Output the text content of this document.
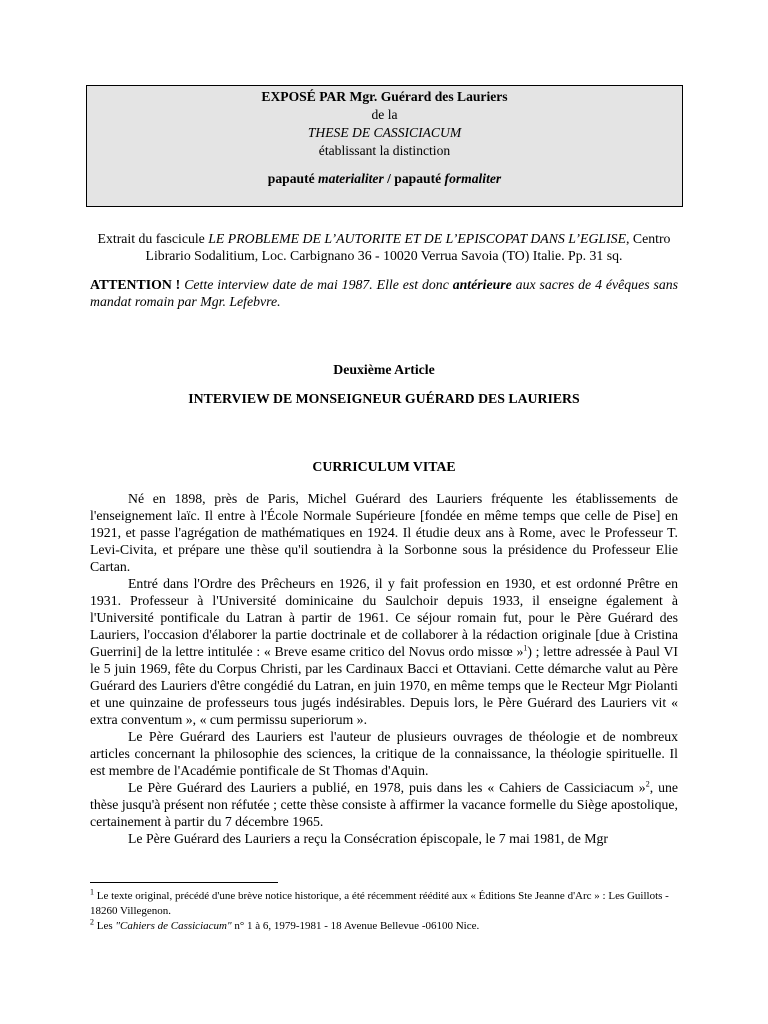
EXPOSÉ PAR Mgr. Guérard des Lauriers
de la
THESE DE CASSICIACUM
établissant la distinction
papauté materialiter / papauté formaliter

Extrait du fascicule LE PROBLEME DE L’AUTORITE ET DE L’EPISCOPAT DANS L’EGLISE, Centro Librario Sodalitium, Loc. Carbignano 36 - 10020 Verrua Savoia (TO) Italie. Pp. 31 sq.

ATTENTION ! Cette interview date de mai 1987. Elle est donc antérieure aux sacres de 4 évêques sans mandat romain par Mgr. Lefebvre.

Deuxième Article

INTERVIEW DE MONSEIGNEUR GUÉRARD DES LAURIERS

CURRICULUM VITAE

Né en 1898, près de Paris, Michel Guérard des Lauriers fréquente les établissements de l'enseignement laïc. Il entre à l'École Normale Supérieure [fondée en même temps que celle de Pise] en 1921, et passe l'agrégation de mathématiques en 1924. Il étudie deux ans à Rome, avec le Professeur T. Levi-Civita, et prépare une thèse qu'il soutiendra à la Sorbonne sous la présidence du Professeur Elie Cartan.

Entré dans l'Ordre des Prêcheurs en 1926, il y fait profession en 1930, et est ordonné Prêtre en 1931. Professeur à l'Université dominicaine du Saulchoir depuis 1933, il enseigne également à l'Université pontificale du Latran à partir de 1961. Ce séjour romain fut, pour le Père Guérard des Lauriers, l'occasion d'élaborer la partie doctrinale et de collaborer à la rédaction originale [due à Cristina Guerrini] de la lettre intitulée : « Breve esame critico del Novus ordo missœ »$^1$) ; lettre adressée à Paul VI le 5 juin 1969, fête du Corpus Christi, par les Cardinaux Bacci et Ottaviani. Cette démarche valut au Père Guérard des Lauriers d'être congédié du Latran, en juin 1970, en même temps que le Recteur Mgr Piolanti et une quinzaine de professeurs tous jugés indésirables. Depuis lors, le Père Guérard des Lauriers vit « extra conventum », « cum permissu superiorum ».

Le Père Guérard des Lauriers est l'auteur de plusieurs ouvrages de théologie et de nombreux articles concernant la philosophie des sciences, la critique de la connaissance, la théologie spirituelle. Il est membre de l'Académie pontificale de St Thomas d'Aquin.

Le Père Guérard des Lauriers a publié, en 1978, puis dans les « Cahiers de Cassiciacum »$^2$, une thèse jusqu'à présent non réfutée ; cette thèse consiste à affirmer la vacance formelle du Siège apostolique, certainement à partir du 7 décembre 1965.

Le Père Guérard des Lauriers a reçu la Consécration épiscopale, le 7 mai 1981, de Mgr

$^1$ Le texte original, précédé d'une brève notice historique, a été récemment réédité aux « Éditions Ste Jeanne d'Arc » : Les Guillots - 18260 Villegenon.
$^2$ Les "Cahiers de Cassiciacum" n° 1 à 6, 1979-1981 - 18 Avenue Bellevue -06100 Nice.
